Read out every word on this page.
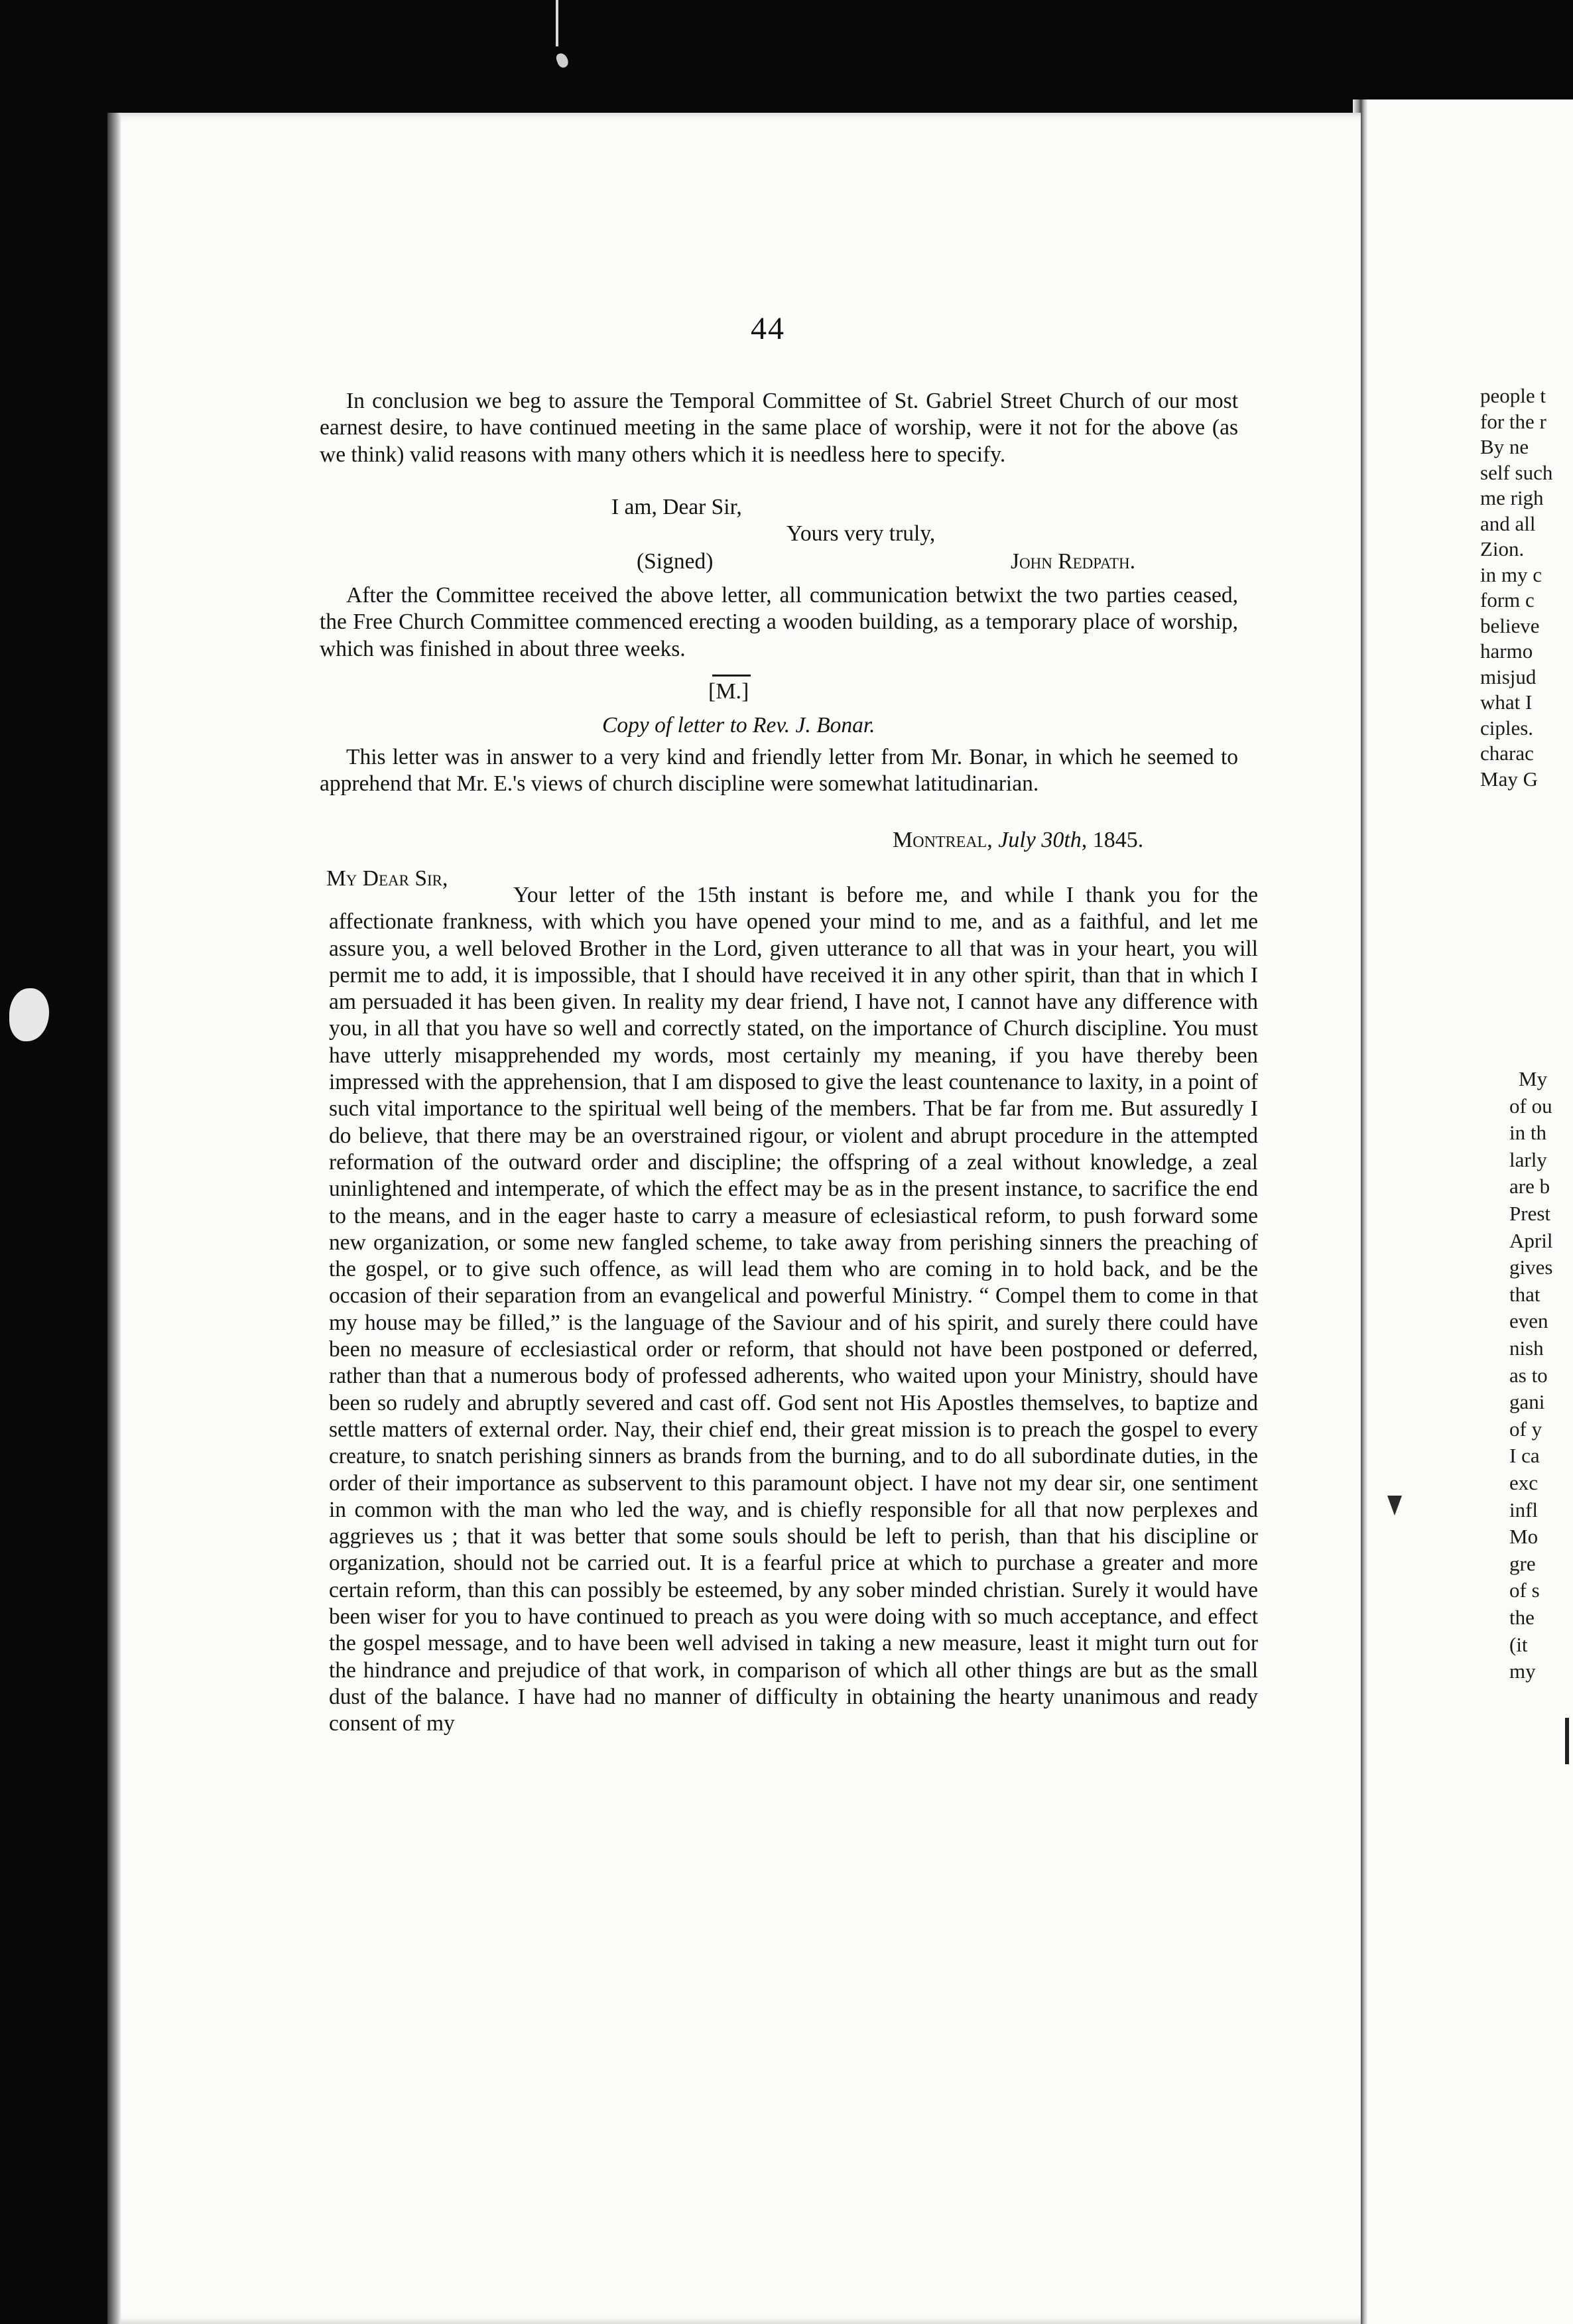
people t
for the r
By ne
self such
me righ
and all
Zion.
in my c
form c
believe
harmo
misjud
what I
ciples.
charac
May G
My
of ou
in th
larly
are b
Prest
April
gives
that
even
nish
as to
gani
of y
I ca
exc
infl
Mo
gre
of s
the
(it
my
44
In conclusion we beg to assure the Temporal Committee of St. Gabriel Street Church of our most earnest desire, to have continued meeting in the same place of worship, were it not for the above (as we think) valid reasons with many others which it is needless here to specify.
I am, Dear Sir,
Yours very truly,
(Signed)	John Redpath.
After the Committee received the above letter, all communication betwixt the two parties ceased, the Free Church Committee commenced erecting a wooden building, as a temporary place of worship, which was finished in about three weeks.
[M.]
Copy of letter to Rev. J. Bonar.
This letter was in answer to a very kind and friendly letter from Mr. Bonar, in which he seemed to apprehend that Mr. E.'s views of church discipline were somewhat latitudinarian.
Montreal, July 30th, 1845.
My Dear Sir,
Your letter of the 15th instant is before me, and while I thank you for the affectionate frankness, with which you have opened your mind to me, and as a faithful, and let me assure you, a well beloved Brother in the Lord, given utterance to all that was in your heart, you will permit me to add, it is impossible, that I should have received it in any other spirit, than that in which I am persuaded it has been given. In reality my dear friend, I have not, I cannot have any difference with you, in all that you have so well and correctly stated, on the importance of Church discipline. You must have utterly misapprehended my words, most certainly my meaning, if you have thereby been impressed with the apprehension, that I am disposed to give the least countenance to laxity, in a point of such vital importance to the spiritual well being of the members. That be far from me. But assuredly I do believe, that there may be an overstrained rigour, or violent and abrupt procedure in the attempted reformation of the outward order and discipline; the offspring of a zeal without knowledge, a zeal uninlightened and intemperate, of which the effect may be as in the present instance, to sacrifice the end to the means, and in the eager haste to carry a measure of eclesiastical reform, to push forward some new organization, or some new fangled scheme, to take away from perishing sinners the preaching of the gospel, or to give such offence, as will lead them who are coming in to hold back, and be the occasion of their separation from an evangelical and powerful Ministry. “ Compel them to come in that my house may be filled,” is the language of the Saviour and of his spirit, and surely there could have been no measure of ecclesiastical order or reform, that should not have been postponed or deferred, rather than that a numerous body of professed adherents, who waited upon your Ministry, should have been so rudely and abruptly severed and cast off. God sent not His Apostles themselves, to baptize and settle matters of external order. Nay, their chief end, their great mission is to preach the gospel to every creature, to snatch perishing sinners as brands from the burning, and to do all subordinate duties, in the order of their importance as subservent to this paramount object. I have not my dear sir, one sentiment in common with the man who led the way, and is chiefly responsible for all that now perplexes and aggrieves us ; that it was better that some souls should be left to perish, than that his discipline or organization, should not be carried out. It is a fearful price at which to purchase a greater and more certain reform, than this can possibly be esteemed, by any sober minded christian. Surely it would have been wiser for you to have continued to preach as you were doing with so much acceptance, and effect the gospel message, and to have been well advised in taking a new measure, least it might turn out for the hindrance and prejudice of that work, in comparison of which all other things are but as the small dust of the balance. I have had no manner of difficulty in obtaining the hearty unanimous and ready consent of my
